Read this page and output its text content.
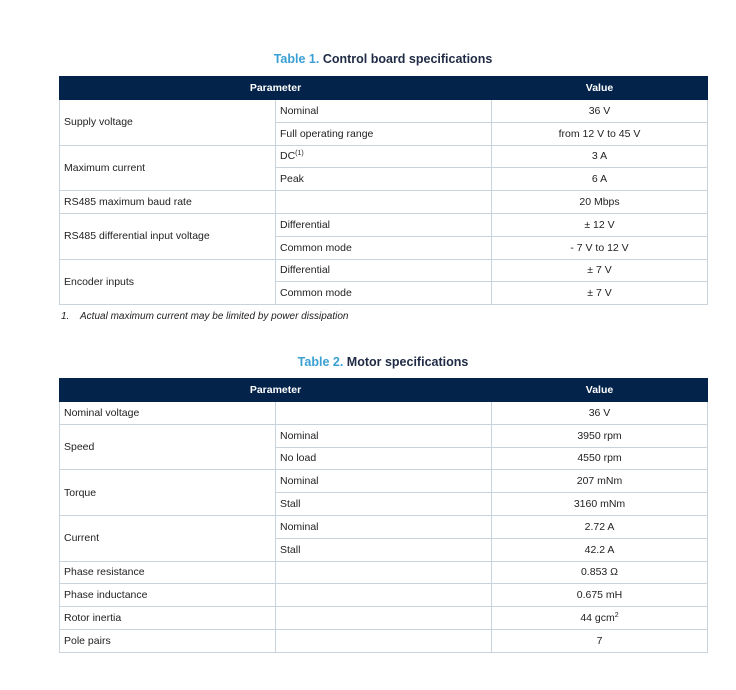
Table 1. Control board specifications
Parameter		Value
Supply voltage	Nominal	36 V
	Full operating range	from 12 V to 45 V
Maximum current	DC$^{(1)}$	3 A
	Peak	6 A
RS485 maximum baud rate		20 Mbps
RS485 differential input voltage	Differential	± 12 V
	Common mode	- 7 V to 12 V
Encoder inputs	Differential	± 7 V
	Common mode	± 7 V
1. Actual maximum current may be limited by power dissipation
Table 2. Motor specifications
Parameter		Value
Nominal voltage		36 V
Speed	Nominal	3950 rpm
	No load	4550 rpm
Torque	Nominal	207 mNm
	Stall	3160 mNm
Current	Nominal	2.72 A
	Stall	42.2 A
Phase resistance		0.853 Ω
Phase inductance		0.675 mH
Rotor inertia		44 gcm$^2$
Pole pairs		7
